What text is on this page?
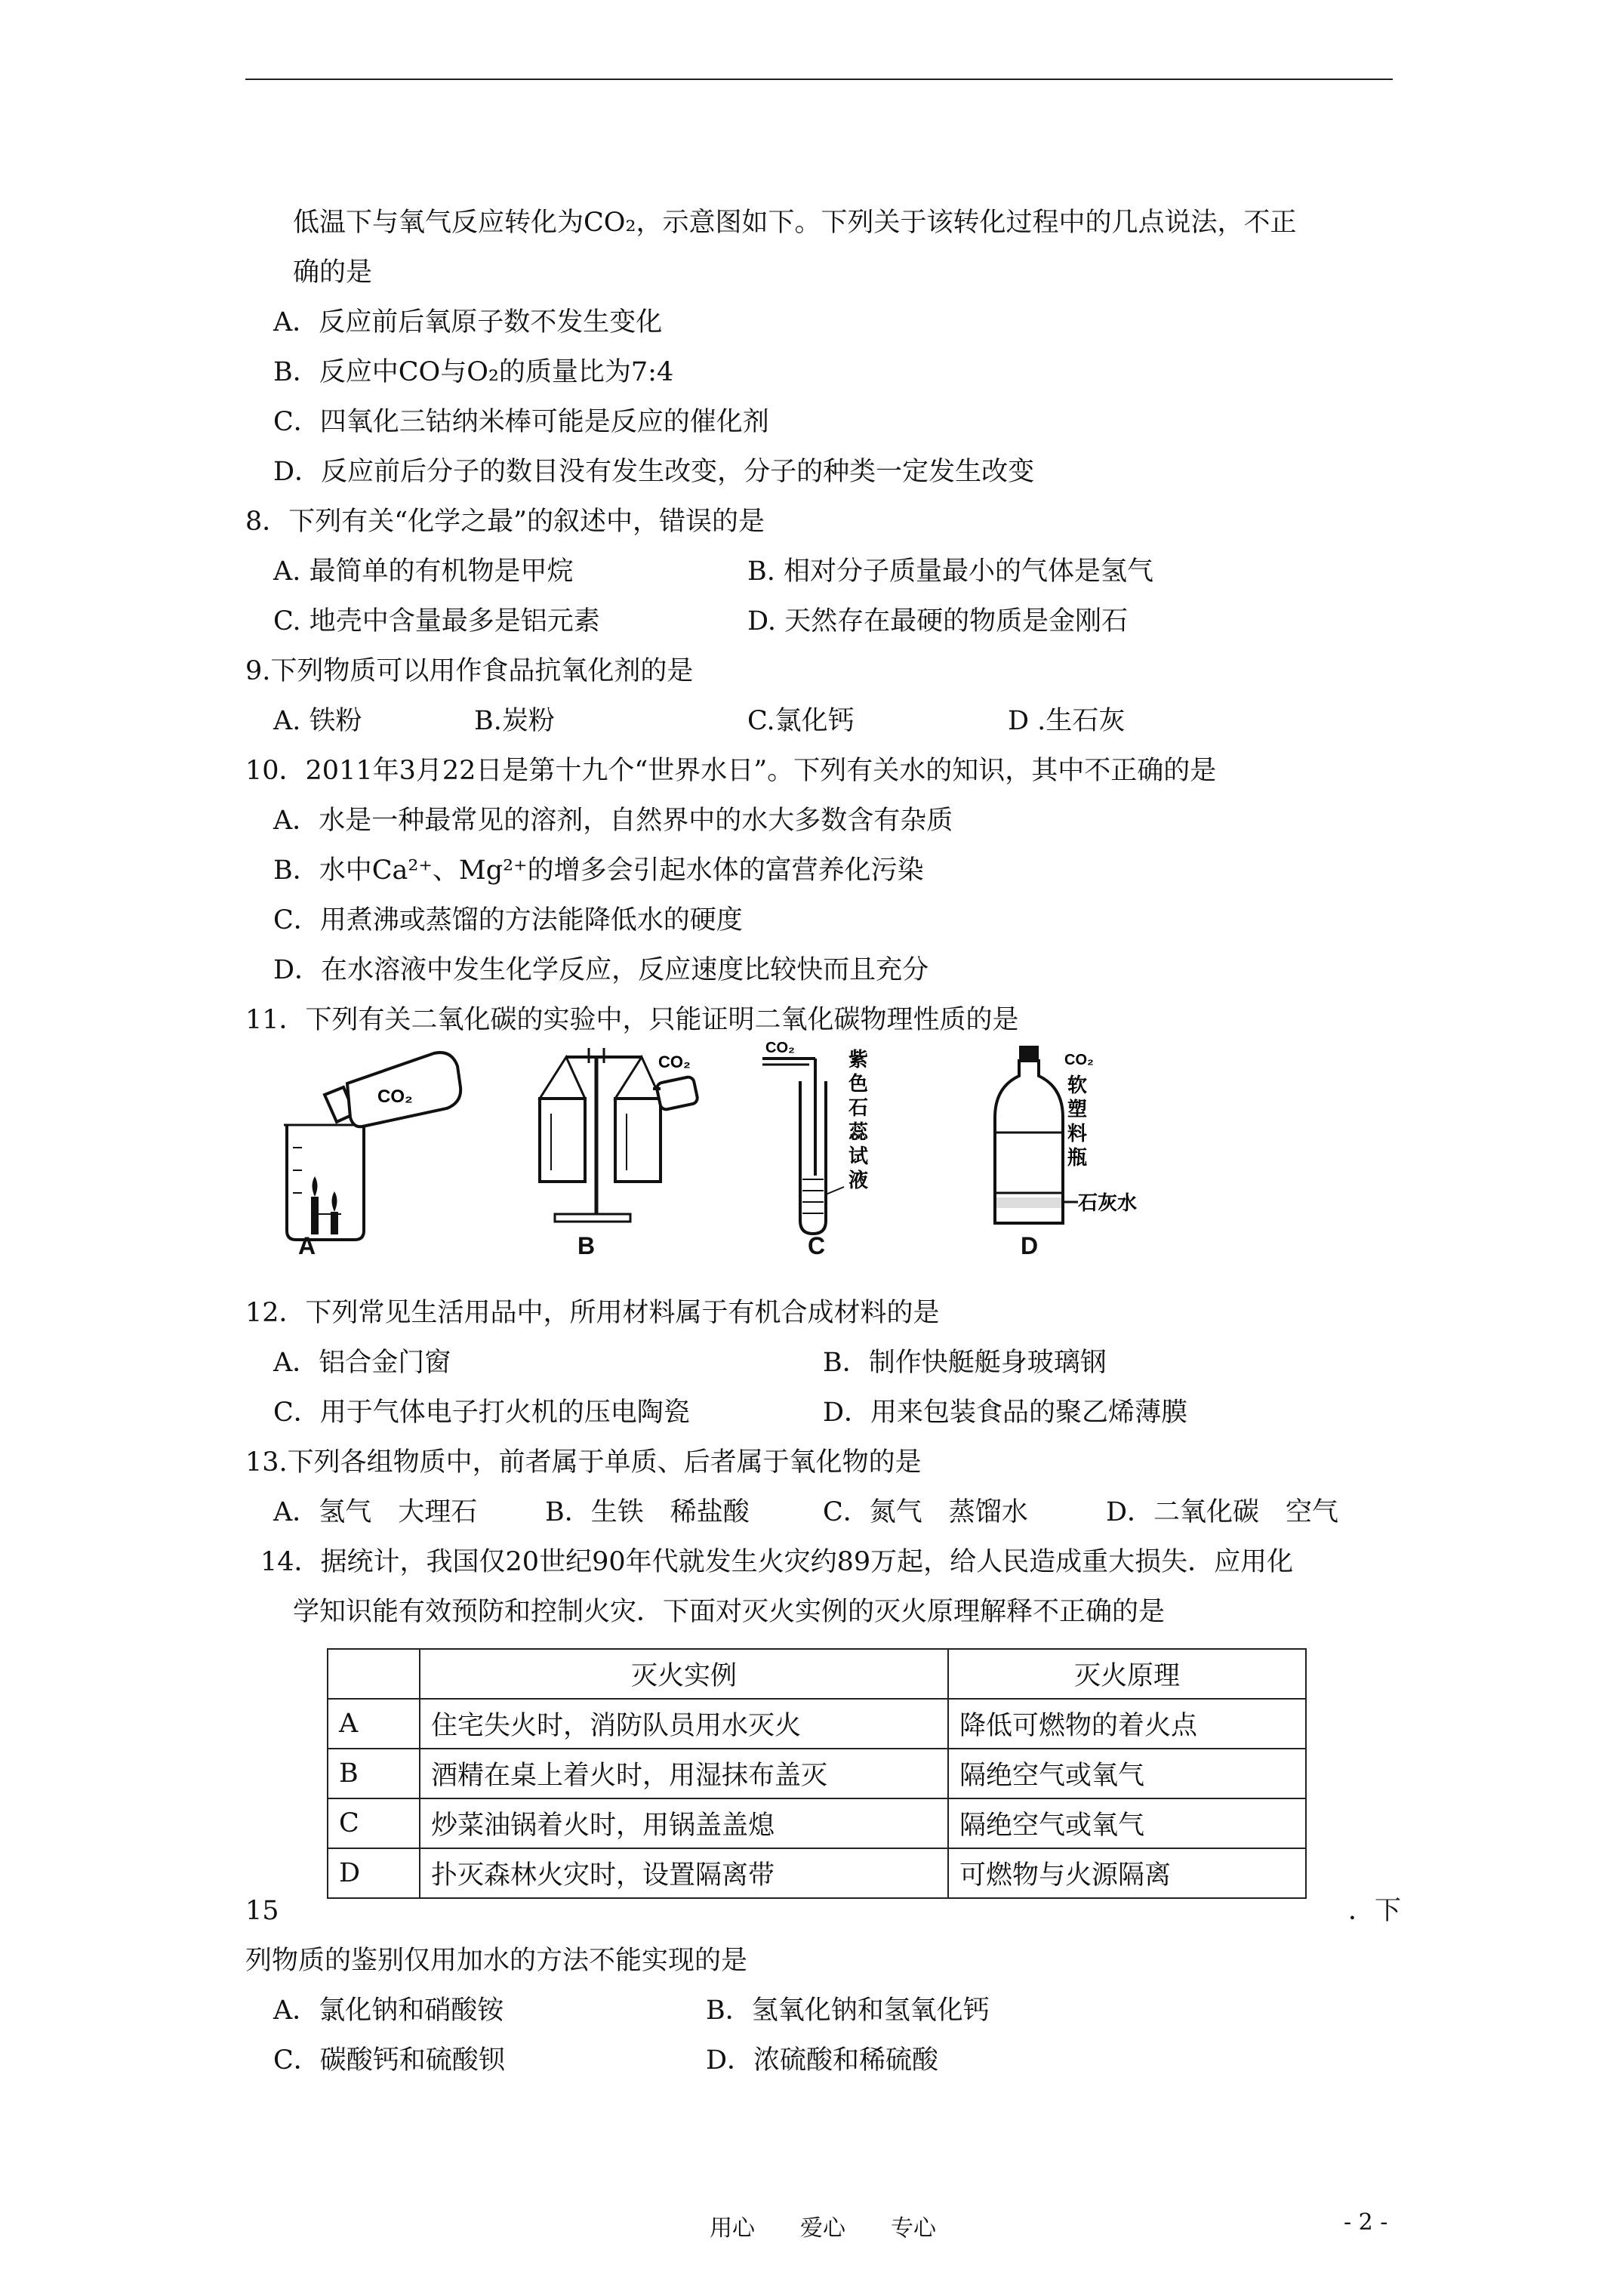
低温下与氧气反应转化为CO₂，示意图如下。下列关于该转化过程中的几点说法，不正
确的是
A．反应前后氧原子数不发生变化
B．反应中CO与O₂的质量比为7:4
C．四氧化三钴纳米棒可能是反应的催化剂
D．反应前后分子的数目没有发生改变，分子的种类一定发生改变
8．下列有关“化学之最”的叙述中，错误的是
A. 最简单的有机物是甲烷	B. 相对分子质量最小的气体是氢气
C. 地壳中含量最多是铝元素	D. 天然存在最硬的物质是金刚石
9.下列物质可以用作食品抗氧化剂的是
A. 铁粉	B.炭粉	C.氯化钙	D .生石灰
10．2011年3月22日是第十九个“世界水日”。下列有关水的知识，其中不正确的是
A．水是一种最常见的溶剂，自然界中的水大多数含有杂质
B．水中Ca²⁺、Mg²⁺的增多会引起水体的富营养化污染
C．用煮沸或蒸馏的方法能降低水的硬度
D．在水溶液中发生化学反应，反应速度比较快而且充分
11．下列有关二氧化碳的实验中，只能证明二氧化碳物理性质的是
CO₂
A
CO₂
B
CO₂
紫色石蕊试液
C
CO₂
软塑料瓶
石灰水
D
12．下列常见生活用品中，所用材料属于有机合成材料的是
A．铝合金门窗	B．制作快艇艇身玻璃钢
C．用于气体电子打火机的压电陶瓷	D．用来包装食品的聚乙烯薄膜
13.下列各组物质中，前者属于单质、后者属于氧化物的是
A．氢气　大理石	B．生铁　稀盐酸	C．氮气　蒸馏水	D．二氧化碳　空气
14．据统计，我国仅20世纪90年代就发生火灾约89万起，给人民造成重大损失．应用化
学知识能有效预防和控制火灾．下面对灭火实例的灭火原理解释不正确的是
	灭火实例	灭火原理
A	住宅失火时，消防队员用水灭火	降低可燃物的着火点
B	酒精在桌上着火时，用湿抹布盖灭	隔绝空气或氧气
C	炒菜油锅着火时，用锅盖盖熄	隔绝空气或氧气
D	扑灭森林火灾时，设置隔离带	可燃物与火源隔离
15	．下
列物质的鉴别仅用加水的方法不能实现的是
A．氯化钠和硝酸铵	B．氢氧化钠和氢氧化钙
C．碳酸钙和硫酸钡	D．浓硫酸和稀硫酸
用心　　爱心　　专心	- 2 -
